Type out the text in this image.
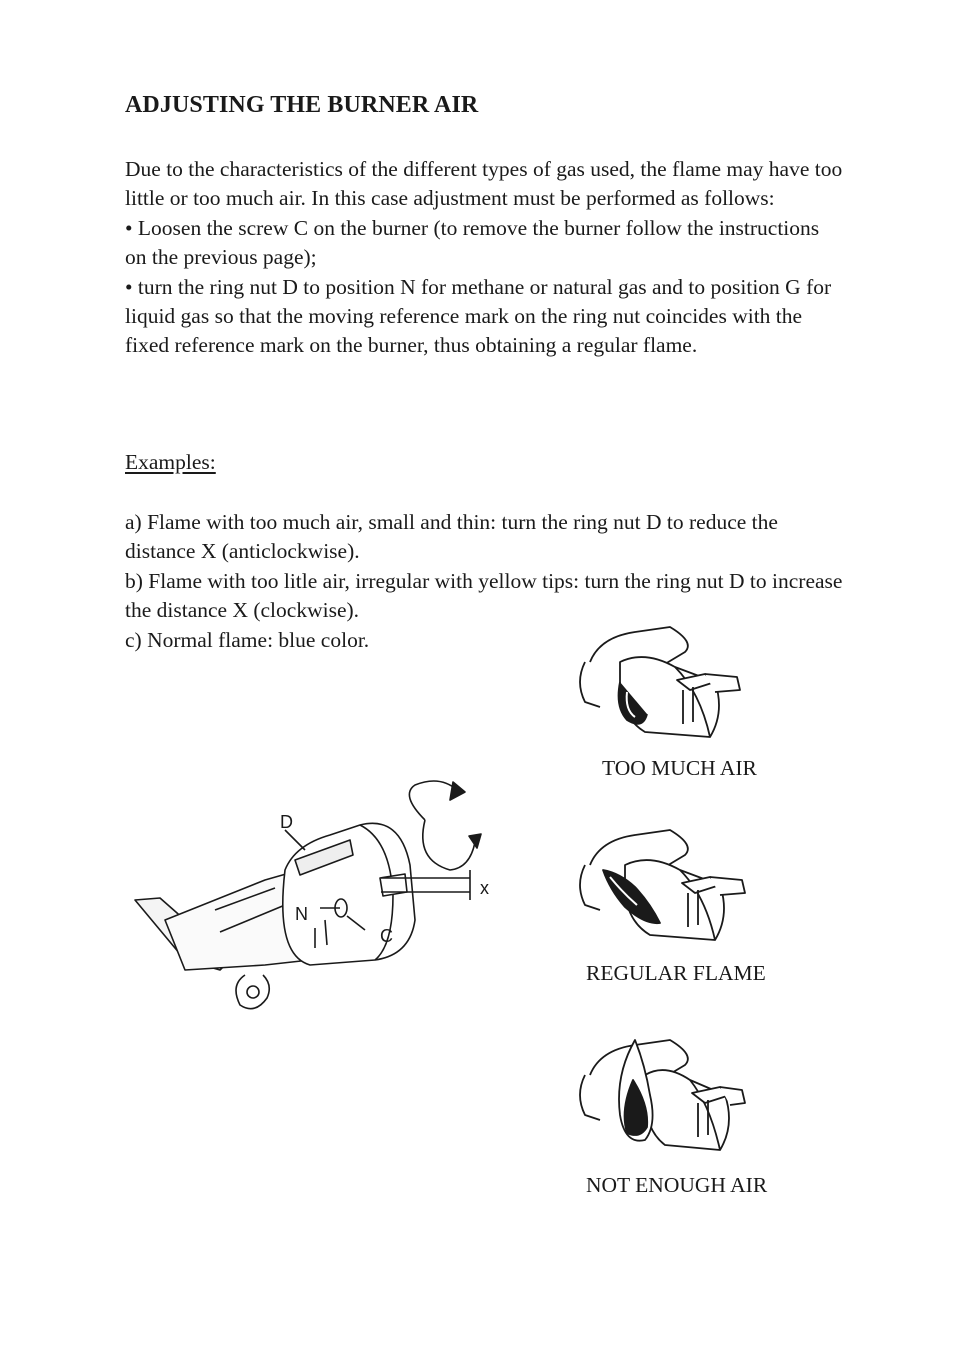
ADJUSTING THE BURNER AIR

Due to the characteristics of the different types of gas used, the flame may have too little or too much air. In this case adjustment must be performed as follows:

• Loosen the screw C on the burner (to remove the burner follow the instructions on the previous page);

• turn the ring nut D to position N for methane or natural gas and to position G for liquid gas so that the moving reference mark on the ring nut coincides with the fixed reference mark on the burner, thus obtaining a regular flame.

Examples:

a) Flame with too much air, small and thin: turn the ring nut D to reduce the distance X (anticlockwise).

b) Flame with too litle air, irregular with yellow tips: turn the ring nut D to increase the distance X (clockwise).

c) Normal flame: blue color.

D
N
C
x
TOO MUCH AIR
REGULAR FLAME
NOT ENOUGH AIR
